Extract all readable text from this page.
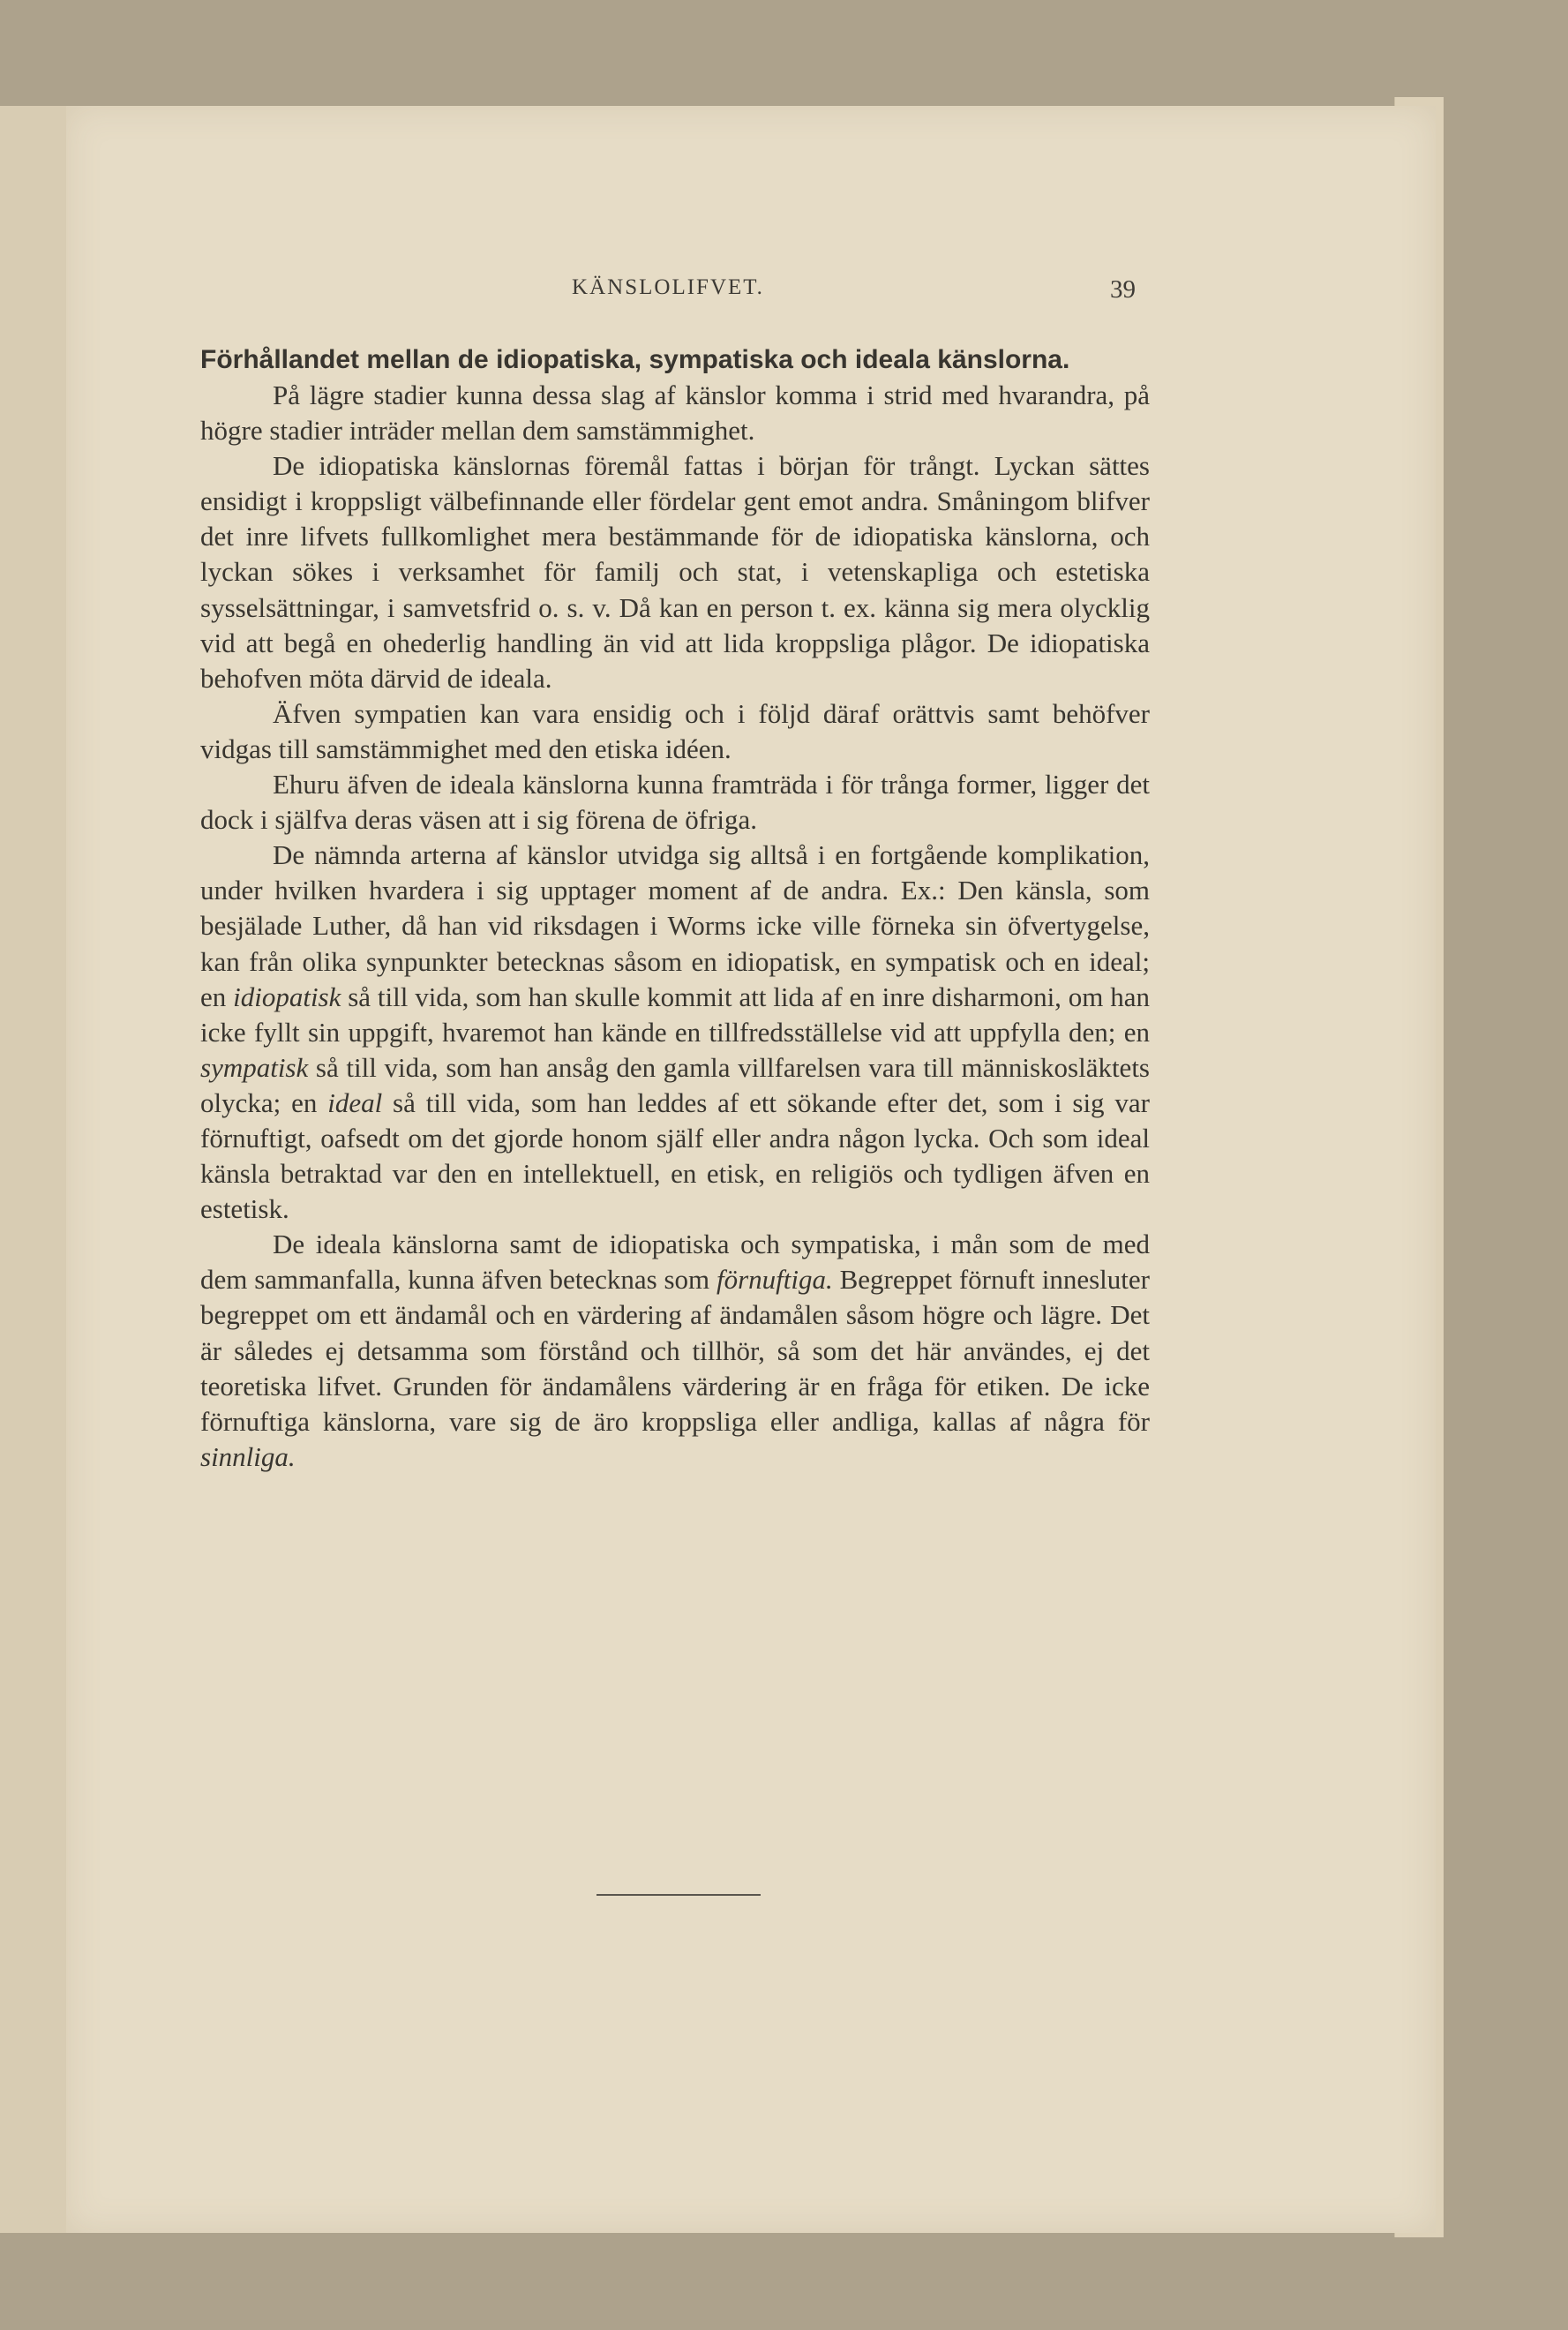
KÄNSLOLIFVET.	39

Förhållandet mellan de idiopatiska, sympatiska och ideala känslorna.

På lägre stadier kunna dessa slag af känslor komma i strid med hvarandra, på högre stadier inträder mellan dem samstämmighet.

De idiopatiska känslornas föremål fattas i början för trångt. Lyckan sättes ensidigt i kroppsligt välbefinnande eller fördelar gent emot andra. Småningom blifver det inre lifvets fullkomlighet mera bestämmande för de idiopatiska känslorna, och lyckan sökes i verksamhet för familj och stat, i vetenskapliga och estetiska sysselsättningar, i samvetsfrid o. s. v. Då kan en person t. ex. känna sig mera olycklig vid att begå en ohederlig handling än vid att lida kroppsliga plågor. De idiopatiska behofven möta därvid de ideala.

Äfven sympatien kan vara ensidig och i följd däraf orättvis samt behöfver vidgas till samstämmighet med den etiska idéen.

Ehuru äfven de ideala känslorna kunna framträda i för trånga former, ligger det dock i själfva deras väsen att i sig förena de öfriga.

De nämnda arterna af känslor utvidga sig alltså i en fortgående komplikation, under hvilken hvardera i sig upptager moment af de andra. Ex.: Den känsla, som besjälade Luther, då han vid riksdagen i Worms icke ville förneka sin öfvertygelse, kan från olika synpunkter betecknas såsom en idiopatisk, en sympatisk och en ideal; en idiopatisk så till vida, som han skulle kommit att lida af en inre disharmoni, om han icke fyllt sin uppgift, hvaremot han kände en tillfredsställelse vid att uppfylla den; en sympatisk så till vida, som han ansåg den gamla villfarelsen vara till människosläktets olycka; en ideal så till vida, som han leddes af ett sökande efter det, som i sig var förnuftigt, oafsedt om det gjorde honom själf eller andra någon lycka. Och som ideal känsla betraktad var den en intellektuell, en etisk, en religiös och tydligen äfven en estetisk.

De ideala känslorna samt de idiopatiska och sympatiska, i mån som de med dem sammanfalla, kunna äfven betecknas som förnuftiga. Begreppet förnuft innesluter begreppet om ett ändamål och en värdering af ändamålen såsom högre och lägre. Det är således ej detsamma som förstånd och tillhör, så som det här användes, ej det teoretiska lifvet. Grunden för ändamålens värdering är en fråga för etiken. De icke förnuftiga känslorna, vare sig de äro kroppsliga eller andliga, kallas af några för sinnliga.
